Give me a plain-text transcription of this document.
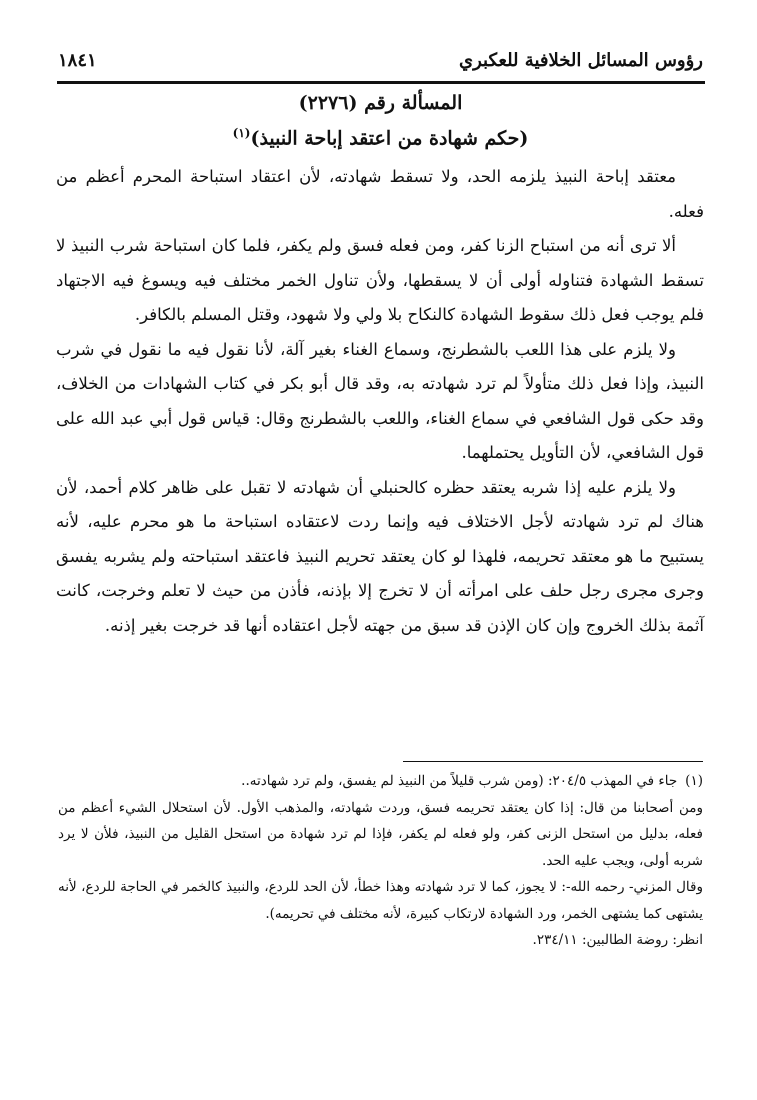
رؤوس المسائل الخلافية للعكبري
١٨٤١
المسألة رقم (٢٢٧٦)
(حكم شهادة من اعتقد إباحة النبيذ)$^{(١)}$

معتقد إباحة النبيذ يلزمه الحد، ولا تسقط شهادته، لأن اعتقاد استباحة المحرم أعظم من فعله.

ألا ترى أنه من استباح الزنا كفر، ومن فعله فسق ولم يكفر، فلما كان استباحة شرب النبيذ لا تسقط الشهادة فتناوله أولى أن لا يسقطها، ولأن تناول الخمر مختلف فيه ويسوغ فيه الاجتهاد فلم يوجب فعل ذلك سقوط الشهادة كالنكاح بلا ولي ولا شهود، وقتل المسلم بالكافر.

ولا يلزم على هذا اللعب بالشطرنج، وسماع الغناء بغير آلة، لأنا نقول فيه ما نقول في شرب النبيذ، وإذا فعل ذلك متأولاً لم ترد شهادته به، وقد قال أبو بكر في كتاب الشهادات من الخلاف، وقد حكى قول الشافعي في سماع الغناء، واللعب بالشطرنج وقال: قياس قول أبي عبد الله على قول الشافعي، لأن التأويل يحتملهما.

ولا يلزم عليه إذا شربه يعتقد حظره كالحنبلي أن شهادته لا تقبل على ظاهر كلام أحمد، لأن هناك لم ترد شهادته لأجل الاختلاف فيه وإنما ردت لاعتقاده استباحة ما هو محرم عليه، لأنه يستبيح ما هو معتقد تحريمه، فلهذا لو كان يعتقد تحريم النبيذ فاعتقد استباحته ولم يشربه يفسق وجرى مجرى رجل حلف على امرأته أن لا تخرج إلا بإذنه، فأذن من حيث لا تعلم وخرجت، كانت آثمة بذلك الخروج وإن كان الإذن قد سبق من جهته لأجل اعتقاده أنها قد خرجت بغير إذنه.

(١)جاء في المهذب ٢٠٤/٥: (ومن شرب قليلاً من النبيذ لم يفسق، ولم ترد شهادته..

ومن أصحابنا من قال: إذا كان يعتقد تحريمه فسق، وردت شهادته، والمذهب الأول. لأن استحلال الشيء أعظم من فعله، بدليل من استحل الزنى كفر، ولو فعله لم يكفر، فإذا لم ترد شهادة من استحل القليل من النبيذ، فلأن لا يرد شربه أولى، ويجب عليه الحد.

وقال المزني- رحمه الله-: لا يجوز، كما لا ترد شهادته وهذا خطأ، لأن الحد للردع، والنبيذ كالخمر في الحاجة للردع، لأنه يشتهى كما يشتهى الخمر، ورد الشهادة لارتكاب كبيرة، لأنه مختلف في تحريمه).

انظر: روضة الطالبين: ٢٣٤/١١.
